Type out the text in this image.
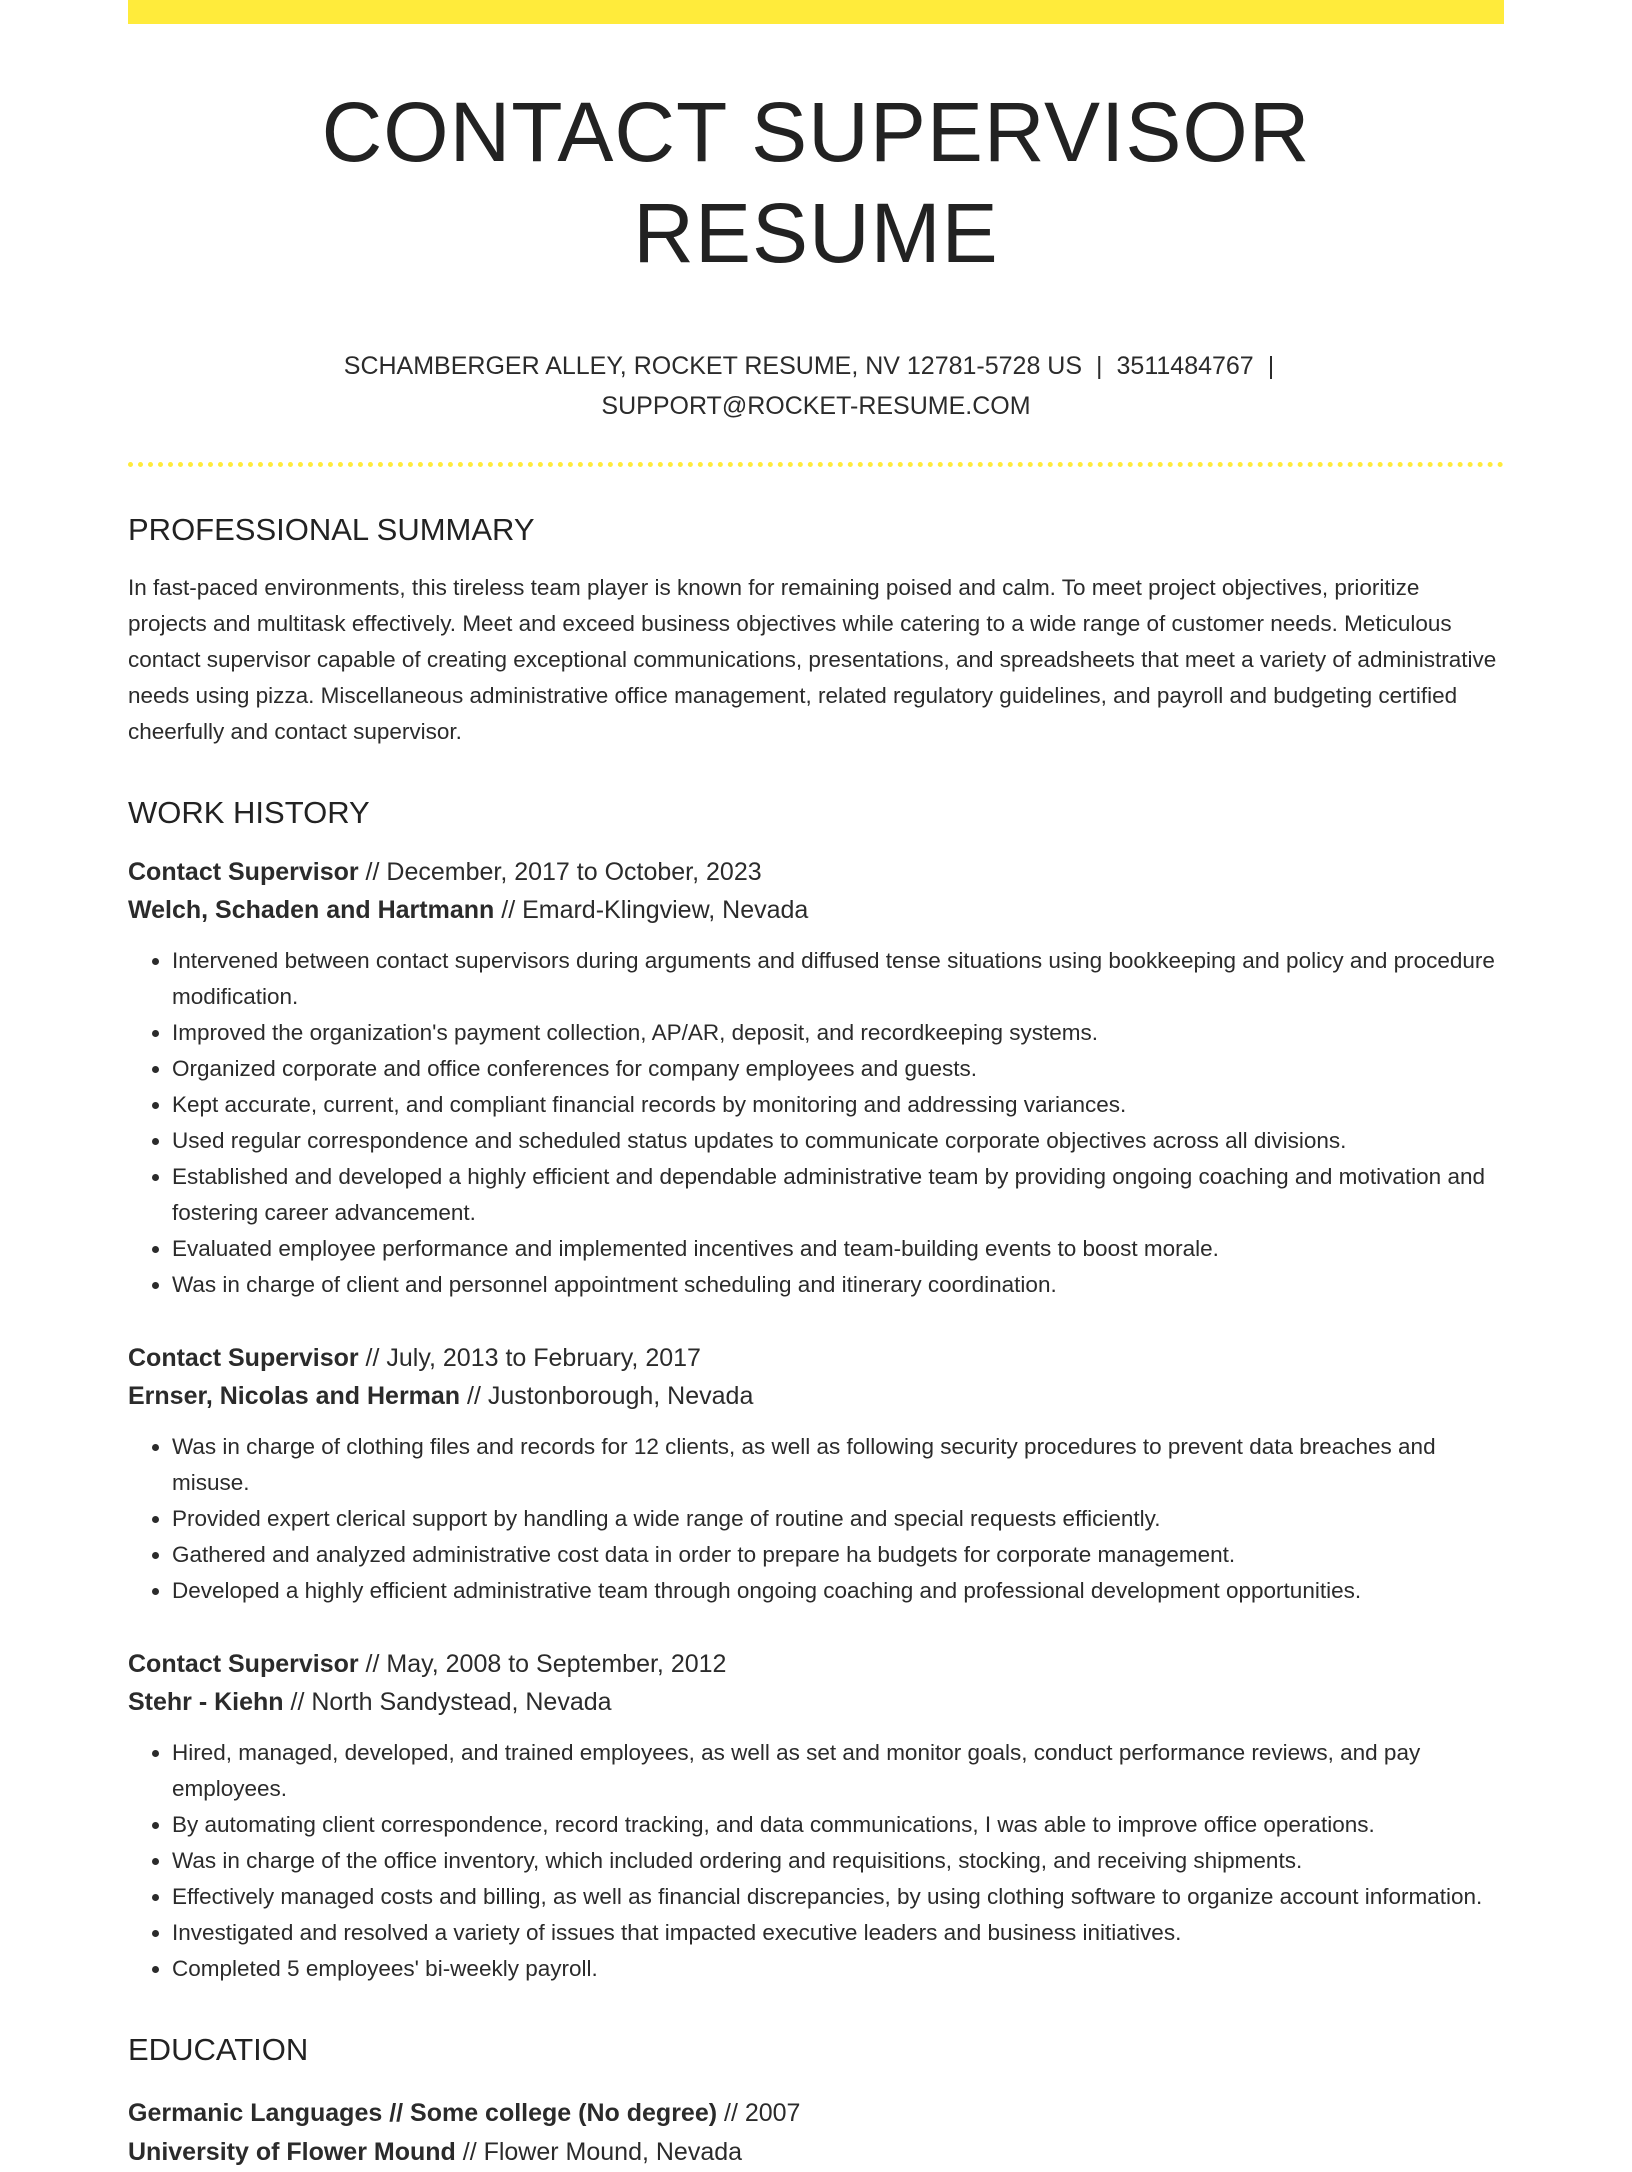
CONTACT SUPERVISOR RESUME
SCHAMBERGER ALLEY, ROCKET RESUME, NV 12781-5728 US | 3511484767 |
SUPPORT@ROCKET-RESUME.COM
PROFESSIONAL SUMMARY
In fast-paced environments, this tireless team player is known for remaining poised and calm. To meet project objectives, prioritize projects and multitask effectively. Meet and exceed business objectives while catering to a wide range of customer needs. Meticulous contact supervisor capable of creating exceptional communications, presentations, and spreadsheets that meet a variety of administrative needs using pizza. Miscellaneous administrative office management, related regulatory guidelines, and payroll and budgeting certified cheerfully and contact supervisor.
WORK HISTORY
Contact Supervisor // December, 2017 to October, 2023
Welch, Schaden and Hartmann // Emard-Klingview, Nevada
• Intervened between contact supervisors during arguments and diffused tense situations using bookkeeping and policy and procedure modification.
• Improved the organization's payment collection, AP/AR, deposit, and recordkeeping systems.
• Organized corporate and office conferences for company employees and guests.
• Kept accurate, current, and compliant financial records by monitoring and addressing variances.
• Used regular correspondence and scheduled status updates to communicate corporate objectives across all divisions.
• Established and developed a highly efficient and dependable administrative team by providing ongoing coaching and motivation and fostering career advancement.
• Evaluated employee performance and implemented incentives and team-building events to boost morale.
• Was in charge of client and personnel appointment scheduling and itinerary coordination.
Contact Supervisor // July, 2013 to February, 2017
Ernser, Nicolas and Herman // Justonborough, Nevada
• Was in charge of clothing files and records for 12 clients, as well as following security procedures to prevent data breaches and misuse.
• Provided expert clerical support by handling a wide range of routine and special requests efficiently.
• Gathered and analyzed administrative cost data in order to prepare ha budgets for corporate management.
• Developed a highly efficient administrative team through ongoing coaching and professional development opportunities.
Contact Supervisor // May, 2008 to September, 2012
Stehr - Kiehn // North Sandystead, Nevada
• Hired, managed, developed, and trained employees, as well as set and monitor goals, conduct performance reviews, and pay employees.
• By automating client correspondence, record tracking, and data communications, I was able to improve office operations.
• Was in charge of the office inventory, which included ordering and requisitions, stocking, and receiving shipments.
• Effectively managed costs and billing, as well as financial discrepancies, by using clothing software to organize account information.
• Investigated and resolved a variety of issues that impacted executive leaders and business initiatives.
• Completed 5 employees' bi-weekly payroll.
EDUCATION
Germanic Languages // Some college (No degree) // 2007
University of Flower Mound // Flower Mound, Nevada
